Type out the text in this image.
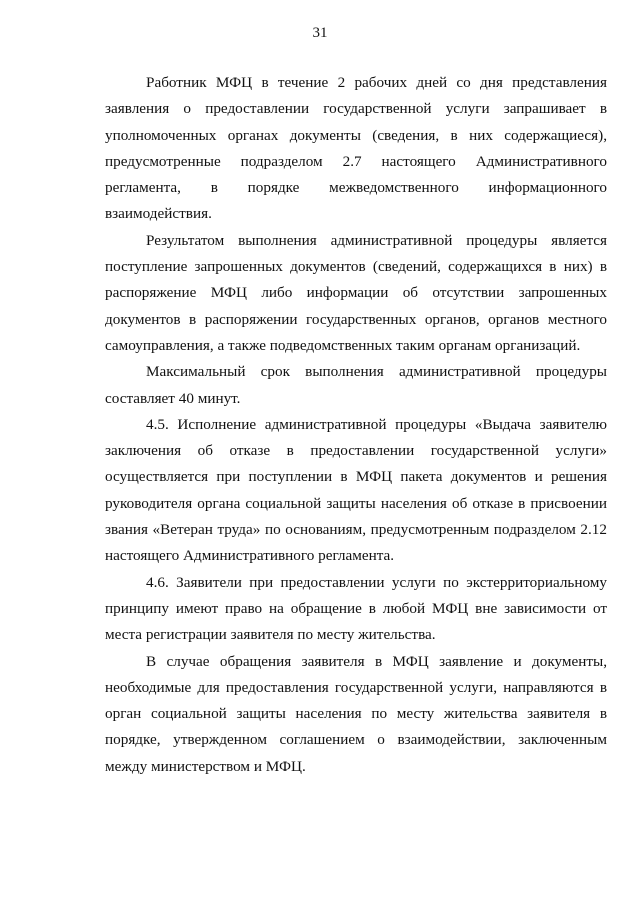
31

Работник МФЦ в течение 2 рабочих дней со дня представления заявления о предоставлении государственной услуги запрашивает в уполномоченных органах документы (сведения, в них содержащиеся), предусмотренные подразделом 2.7 настоящего Административного регламента, в порядке межведомственного информационного взаимодействия.

Результатом выполнения административной процедуры является поступление запрошенных документов (сведений, содержащихся в них) в распоряжение МФЦ либо информации об отсутствии запрошенных документов в распоряжении государственных органов, органов местного самоуправления, а также подведомственных таким органам организаций.

Максимальный срок выполнения административной процедуры составляет 40 минут.

4.5. Исполнение административной процедуры «Выдача заявителю заключения об отказе в предоставлении государственной услуги» осуществляется при поступлении в МФЦ пакета документов и решения руководителя органа социальной защиты населения об отказе в присвоении звания «Ветеран труда» по основаниям, предусмотренным подразделом 2.12 настоящего Административного регламента.

4.6. Заявители при предоставлении услуги по экстерриториальному принципу имеют право на обращение в любой МФЦ вне зависимости от места регистрации заявителя по месту жительства.

В случае обращения заявителя в МФЦ заявление и документы, необходимые для предоставления государственной услуги, направляются в орган социальной защиты населения по месту жительства заявителя в порядке, утвержденном соглашением о взаимодействии, заключенным между министерством и МФЦ.
